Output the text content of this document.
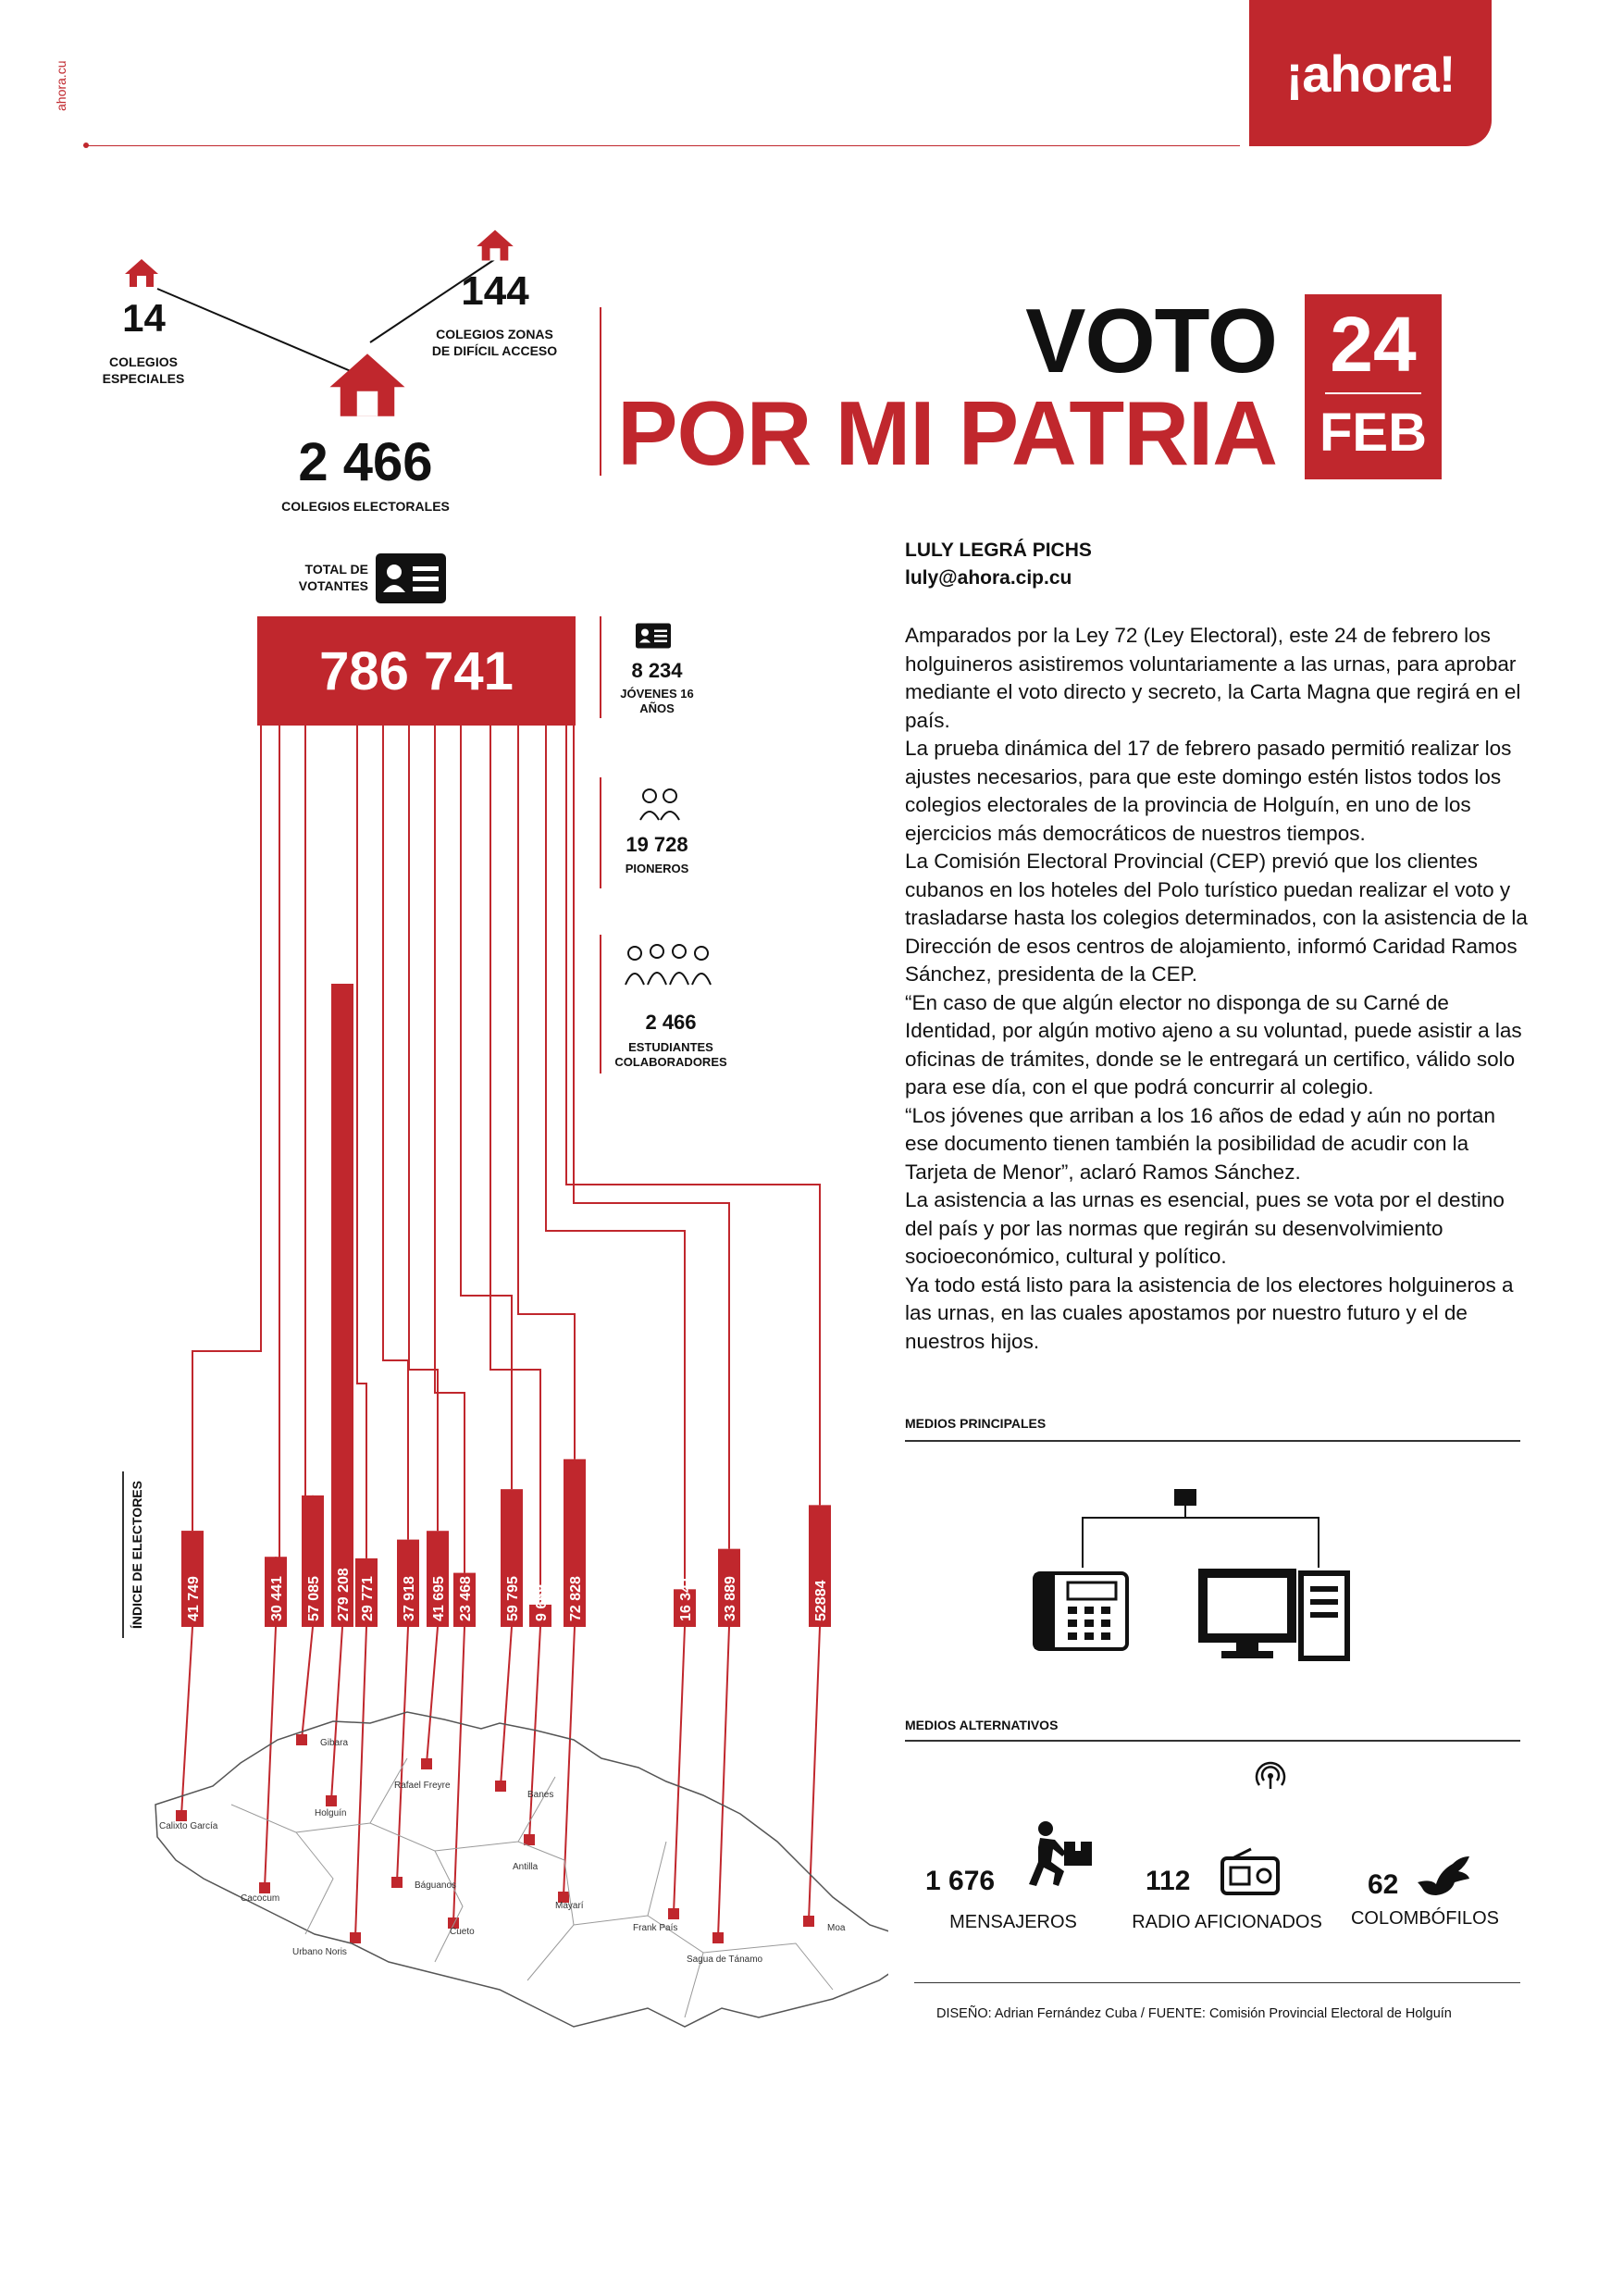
¡ahora!
ahora.cu
14
COLEGIOS ESPECIALES
144
COLEGIOS ZONAS DE DIFÍCIL ACCESO
2 466
COLEGIOS ELECTORALES
VOTO
POR MI PATRIA
24
FEB
TOTAL DE VOTANTES
786 741	8 234
JÓVENES 16 AÑOS
19 728
PIONEROS
2 466
ESTUDIANTES COLABORADORES
41 749	30 441 57 085 279 208 29 771 37 918 41 695 23 468 59 795 9 669 72 828	16 341 33 889	52884
Calixto García
Cacocum
Gibara
Holguín
Urbano Noris
Báguanos
Rafael Freyre
Cueto
Banes
Antilla
Mayarí
Frank País
Sagua de Tánamo
Moa
ÍNDICE DE ELECTORES
LULY LEGRÁ PICHS
luly@ahora.cip.cu

Amparados por la Ley 72 (Ley Electoral), este 24 de febrero los holguineros asistiremos voluntariamente a las urnas, para aprobar mediante el voto directo y secreto, la Carta Magna que regirá en el país.

La prueba dinámica del 17 de febrero pasado permitió realizar los ajustes necesarios, para que este domingo estén listos todos los colegios electorales de la provincia de Holguín, en uno de los ejercicios más democráticos de nuestros tiempos.

La Comisión Electoral Provincial (CEP) previó que los clientes cubanos en los hoteles del Polo turístico puedan realizar el voto y trasladarse hasta los colegios determinados, con la asistencia de la Dirección de esos centros de alojamiento, informó Caridad Ramos Sánchez, presidenta de la CEP.

“En caso de que algún elector no disponga de su Carné de Identidad, por algún motivo ajeno a su voluntad, puede asistir a las oficinas de trámites, donde se le entregará un certifico, válido solo para ese día, con el que podrá concurrir al colegio.

“Los jóvenes que arriban a los 16 años de edad y aún no portan ese documento tienen también la posibilidad de acudir con la Tarjeta de Menor”, aclaró Ramos Sánchez.

La asistencia a las urnas es esencial, pues se vota por el destino del país y por las normas que regirán su desenvolvimiento socioeconómico, cultural y político.

Ya todo está listo para la asistencia de los electores holguineros a las urnas, en las cuales apostamos por nuestro futuro y el de nuestros hijos.

MEDIOS PRINCIPALES
MEDIOS ALTERNATIVOS
1 676
MENSAJEROS
112
RADIO AFICIONADOS
62
COLOMBÓFILOS
DISEÑO: Adrian Fernández Cuba / FUENTE: Comisión Provincial Electoral de Holguín
